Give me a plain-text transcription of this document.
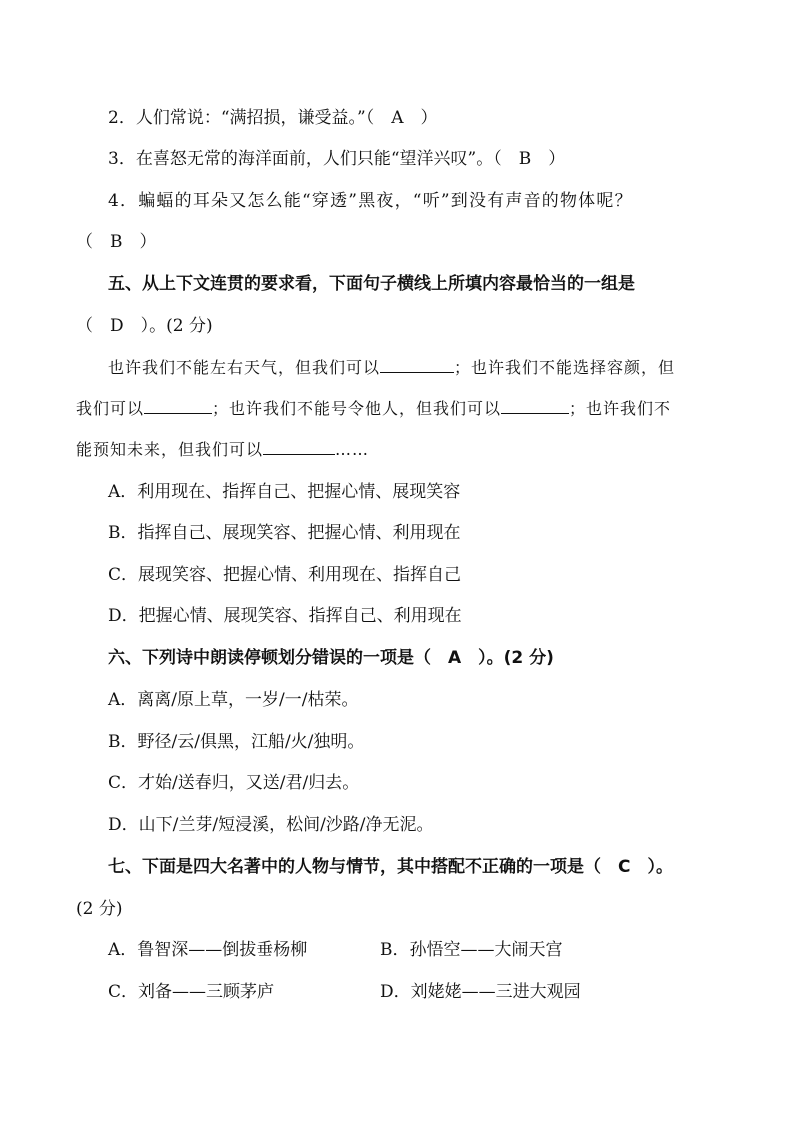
2．人们常说：“满招损，谦受益。”（　A　）
3．在喜怒无常的海洋面前，人们只能“望洋兴叹”。（　B　）
4．蝙蝠的耳朵又怎么能“穿透”黑夜，“听”到没有声音的物体呢？
（　B　）
五、从上下文连贯的要求看，下面句子横线上所填内容最恰当的一组是
（　D　）。(2 分)
也许我们不能左右天气，但我们可以	；也许我们不能选择容颜，但
我们可以	；也许我们不能号令他人，但我们可以	；也许我们不
能预知未来，但我们可以	……
A．利用现在、指挥自己、把握心情、展现笑容
B．指挥自己、展现笑容、把握心情、利用现在
C．展现笑容、把握心情、利用现在、指挥自己
D．把握心情、展现笑容、指挥自己、利用现在
六、下列诗中朗读停顿划分错误的一项是（　A　）。(2 分)
A．离离/原上草，一岁/一/枯荣。
B．野径/云/俱黑，江船/火/独明。
C．才始/送春归，又送/君/归去。
D．山下/兰芽/短浸溪，松间/沙路/净无泥。
七、下面是四大名著中的人物与情节，其中搭配不正确的一项是（　C　）。
(2 分)
A．鲁智深——倒拔垂杨柳	B．孙悟空——大闹天宫
C．刘备——三顾茅庐	D．刘姥姥——三进大观园
